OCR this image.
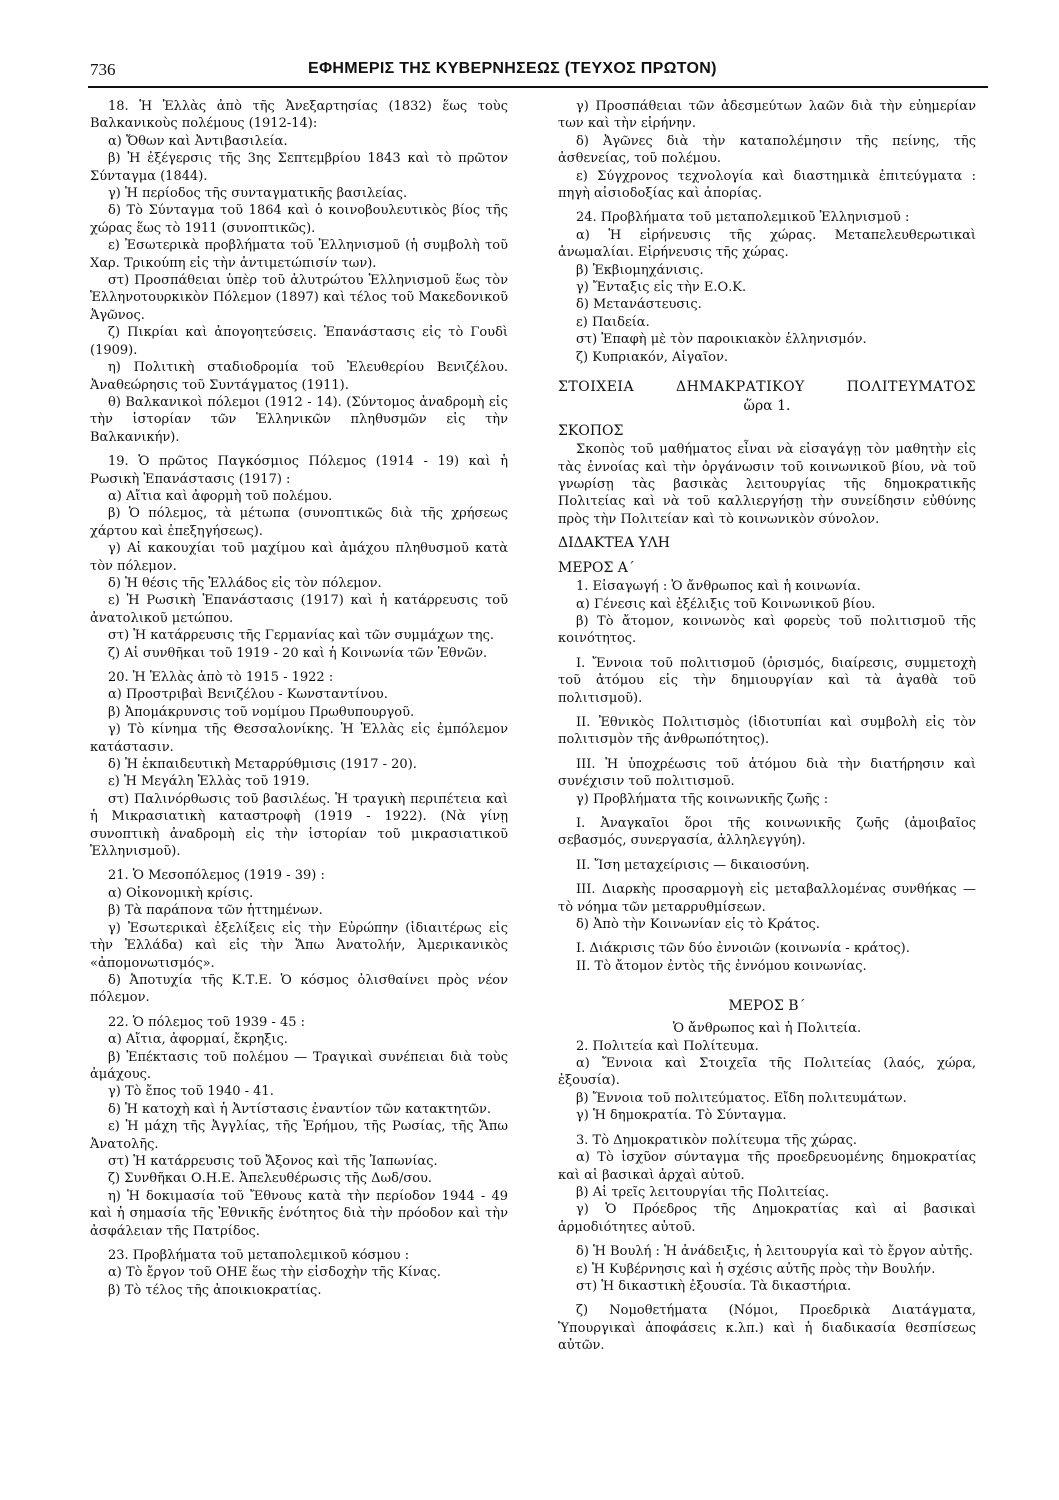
736	ΕΦΗΜΕΡΙΣ ΤΗΣ ΚΥΒΕΡΝΗΣΕΩΣ (ΤΕΥΧΟΣ ΠΡΩΤΟΝ)

18. Ἡ Ἑλλὰς ἀπὸ τῆς Ἀνεξαρτησίας (1832) ἕως τοὺς Βαλκανικοὺς πολέμους (1912-14):

α) Ὄθων καὶ Ἀντιβασιλεία.

β) Ἡ ἐξέγερσις τῆς 3ης Σεπτεμβρίου 1843 καὶ τὸ πρῶτον Σύνταγμα (1844).

γ) Ἡ περίοδος τῆς συνταγματικῆς βασιλείας.

δ) Τὸ Σύνταγμα τοῦ 1864 καὶ ὁ κοινοβουλευτικὸς βίος τῆς χώρας ἕως τὸ 1911 (συνοπτικῶς).

ε) Ἐσωτερικὰ προβλήματα τοῦ Ἑλληνισμοῦ (ἡ συμβολὴ τοῦ Χαρ. Τρικούπη εἰς τὴν ἀντιμετώπισίν των).

στ) Προσπάθειαι ὑπὲρ τοῦ ἀλυτρώτου Ἑλληνισμοῦ ἕως τὸν Ἑλληνοτουρκικὸν Πόλεμον (1897) καὶ τέλος τοῦ Μακεδονικοῦ Ἀγῶνος.

ζ) Πικρίαι καὶ ἀπογοητεύσεις. Ἐπανάστασις εἰς τὸ Γουδὶ (1909).

η) Πολιτικὴ σταδιοδρομία τοῦ Ἐλευθερίου Βενιζέλου. Ἀναθεώρησις τοῦ Συντάγματος (1911).

θ) Βαλκανικοὶ πόλεμοι (1912 - 14). (Σύντομος ἀναδρομὴ εἰς τὴν ἱστορίαν τῶν Ἑλληνικῶν πληθυσμῶν εἰς τὴν Βαλκανικήν).

19. Ὁ πρῶτος Παγκόσμιος Πόλεμος (1914 - 19) καὶ ἡ Ρωσικὴ Ἐπανάστασις (1917) :

α) Αἴτια καὶ ἀφορμὴ τοῦ πολέμου.

β) Ὁ πόλεμος, τὰ μέτωπα (συνοπτικῶς διὰ τῆς χρήσεως χάρτου καὶ ἐπεξηγήσεως).

γ) Αἱ κακουχίαι τοῦ μαχίμου καὶ ἀμάχου πληθυσμοῦ κατὰ τὸν πόλεμον.

δ) Ἡ θέσις τῆς Ἑλλάδος εἰς τὸν πόλεμον.

ε) Ἡ Ρωσικὴ Ἐπανάστασις (1917) καὶ ἡ κατάρρευσις τοῦ ἀνατολικοῦ μετώπου.

στ) Ἡ κατάρρευσις τῆς Γερμανίας καὶ τῶν συμμάχων της.

ζ) Αἱ συνθῆκαι τοῦ 1919 - 20 καὶ ἡ Κοινωνία τῶν Ἐθνῶν.

20. Ἡ Ἑλλὰς ἀπὸ τὸ 1915 - 1922 :

α) Προστριβαὶ Βενιζέλου - Κωνσταντίνου.

β) Ἀπομάκρυνσις τοῦ νομίμου Πρωθυπουργοῦ.

γ) Τὸ κίνημα τῆς Θεσσαλονίκης. Ἡ Ἑλλὰς εἰς ἐμπόλεμον κατάστασιν.

δ) Ἡ ἐκπαιδευτικὴ Μεταρρύθμισις (1917 - 20).

ε) Ἡ Μεγάλη Ἑλλὰς τοῦ 1919.

στ) Παλινόρθωσις τοῦ βασιλέως. Ἡ τραγικὴ περιπέτεια καὶ ἡ Μικρασιατικὴ καταστροφὴ (1919 - 1922). (Νὰ γίνῃ συνοπτικὴ ἀναδρομὴ εἰς τὴν ἱστορίαν τοῦ μικρασιατικοῦ Ἑλληνισμοῦ).

21. Ὁ Μεσοπόλεμος (1919 - 39) :

α) Οἰκονομικὴ κρίσις.

β) Τὰ παράπονα τῶν ἡττημένων.

γ) Ἐσωτερικαὶ ἐξελίξεις εἰς τὴν Εὐρώπην (ἰδιαιτέρως εἰς τὴν Ἑλλάδα) καὶ εἰς τὴν Ἄπω Ἀνατολήν, Ἀμερικανικὸς «ἀπομονωτισμός».

δ) Ἀποτυχία τῆς Κ.Τ.Ε. Ὁ κόσμος ὀλισθαίνει πρὸς νέον πόλεμον.

22. Ὁ πόλεμος τοῦ 1939 - 45 :

α) Αἴτια, ἀφορμαί, ἔκρηξις.

β) Ἐπέκτασις τοῦ πολέμου — Τραγικαὶ συνέπειαι διὰ τοὺς ἀμάχους.

γ) Τὸ ἔπος τοῦ 1940 - 41.

δ) Ἡ κατοχὴ καὶ ἡ Ἀντίστασις ἐναντίον τῶν κατακτητῶν.

ε) Ἡ μάχη τῆς Ἀγγλίας, τῆς Ἐρήμου, τῆς Ρωσίας, τῆς Ἄπω Ἀνατολῆς.

στ) Ἡ κατάρρευσις τοῦ Ἄξονος καὶ τῆς Ἰαπωνίας.

ζ) Συνθῆκαι Ο.Η.Ε. Ἀπελευθέρωσις τῆς Δωδ/σου.

η) Ἡ δοκιμασία τοῦ Ἔθνους κατὰ τὴν περίοδον 1944 - 49 καὶ ἡ σημασία τῆς Ἐθνικῆς ἑνότητος διὰ τὴν πρόοδον καὶ τὴν ἀσφάλειαν τῆς Πατρίδος.

23. Προβλήματα τοῦ μεταπολεμικοῦ κόσμου :

α) Τὸ ἔργον τοῦ ΟΗΕ ἕως τὴν εἰσδοχὴν τῆς Κίνας.

β) Τὸ τέλος τῆς ἀποικιοκρατίας.

γ) Προσπάθειαι τῶν ἀδεσμεύτων λαῶν διὰ τὴν εὐημερίαν των καὶ τὴν εἰρήνην.

δ) Ἀγῶνες διὰ τὴν καταπολέμησιν τῆς πείνης, τῆς ἀσθενείας, τοῦ πολέμου.

ε) Σύγχρονος τεχνολογία καὶ διαστημικὰ ἐπιτεύγματα : πηγὴ αἰσιοδοξίας καὶ ἀπορίας.

24. Προβλήματα τοῦ μεταπολεμικοῦ Ἑλληνισμοῦ :

α) Ἡ εἰρήνευσις τῆς χώρας. Μεταπελευθερωτικαὶ ἀνωμαλίαι. Εἰρήνευσις τῆς χώρας.

β) Ἐκβιομηχάνισις.

γ) Ἔνταξις εἰς τὴν Ε.Ο.Κ.

δ) Μετανάστευσις.

ε) Παιδεία.

στ) Ἐπαφὴ μὲ τὸν παροικιακὸν ἑλληνισμόν.

ζ) Κυπριακόν, Αἰγαῖον.

ΣΤΟΙΧΕΙΑ ΔΗΜΑΚΡΑΤΙΚΟΥ ΠΟΛΙΤΕΥΜΑΤΟΣ

ὥρα 1.

ΣΚΟΠΟΣ

Σκοπὸς τοῦ μαθήματος εἶναι νὰ εἰσαγάγῃ τὸν μαθητὴν εἰς τὰς ἐννοίας καὶ τὴν ὀργάνωσιν τοῦ κοινωνικοῦ βίου, νὰ τοῦ γνωρίσῃ τὰς βασικὰς λειτουργίας τῆς δημοκρατικῆς Πολιτείας καὶ νὰ τοῦ καλλιεργήσῃ τὴν συνείδησιν εὐθύνης πρὸς τὴν Πολιτείαν καὶ τὸ κοινωνικὸν σύνολον.

ΔΙΔΑΚΤΕΑ ΥΛΗ

ΜΕΡΟΣ Α΄

1. Εἰσαγωγή : Ὁ ἄνθρωπος καὶ ἡ κοινωνία.

α) Γένεσις καὶ ἐξέλιξις τοῦ Κοινωνικοῦ βίου.

β) Τὸ ἄτομον, κοινωνὸς καὶ φορεὺς τοῦ πολιτισμοῦ τῆς κοινότητος.

Ι. Ἔννοια τοῦ πολιτισμοῦ (ὁρισμός, διαίρεσις, συμμετοχὴ τοῦ ἀτόμου εἰς τὴν δημιουργίαν καὶ τὰ ἀγαθὰ τοῦ πολιτισμοῦ).

ΙΙ. Ἐθνικὸς Πολιτισμὸς (ἰδιοτυπίαι καὶ συμβολὴ εἰς τὸν πολιτισμὸν τῆς ἀνθρωπότητος).

ΙΙΙ. Ἡ ὑποχρέωσις τοῦ ἀτόμου διὰ τὴν διατήρησιν καὶ συνέχισιν τοῦ πολιτισμοῦ.

γ) Προβλήματα τῆς κοινωνικῆς ζωῆς :

Ι. Ἀναγκαῖοι ὅροι τῆς κοινωνικῆς ζωῆς (ἀμοιβαῖος σεβασμός, συνεργασία, ἀλληλεγγύη).

ΙΙ. Ἴση μεταχείρισις — δικαιοσύνη.

ΙΙΙ. Διαρκὴς προσαρμογὴ εἰς μεταβαλλομένας συνθήκας — τὸ νόημα τῶν μεταρρυθμίσεων.

δ) Ἀπὸ τὴν Κοινωνίαν εἰς τὸ Κράτος.

Ι. Διάκρισις τῶν δύο ἐννοιῶν (κοινωνία - κράτος).

ΙΙ. Τὸ ἄτομον ἐντὸς τῆς ἐννόμου κοινωνίας.

ΜΕΡΟΣ Β΄

Ὁ ἄνθρωπος καὶ ἡ Πολιτεία.

2. Πολιτεία καὶ Πολίτευμα.

α) Ἔννοια καὶ Στοιχεῖα τῆς Πολιτείας (λαός, χώρα, ἐξουσία).

β) Ἔννοια τοῦ πολιτεύματος. Εἴδη πολιτευμάτων.

γ) Ἡ δημοκρατία. Τὸ Σύνταγμα.

3. Τὸ Δημοκρατικὸν πολίτευμα τῆς χώρας.

α) Τὸ ἰσχῦον σύνταγμα τῆς προεδρευομένης δημοκρατίας καὶ αἱ βασικαὶ ἀρχαὶ αὐτοῦ.

β) Αἱ τρεῖς λειτουργίαι τῆς Πολιτείας.

γ) Ὁ Πρόεδρος τῆς Δημοκρατίας καὶ αἱ βασικαὶ ἁρμοδιότητες αὐτοῦ.

δ) Ἡ Βουλή : Ἡ ἀνάδειξις, ἡ λειτουργία καὶ τὸ ἔργον αὐτῆς.

ε) Ἡ Κυβέρνησις καὶ ἡ σχέσις αὐτῆς πρὸς τὴν Βουλήν.

στ) Ἡ δικαστικὴ ἐξουσία. Τὰ δικαστήρια.

ζ) Νομοθετήματα (Νόμοι, Προεδρικὰ Διατάγματα, Ὑπουργικαὶ ἀποφάσεις κ.λπ.) καὶ ἡ διαδικασία θεσπίσεως αὐτῶν.
